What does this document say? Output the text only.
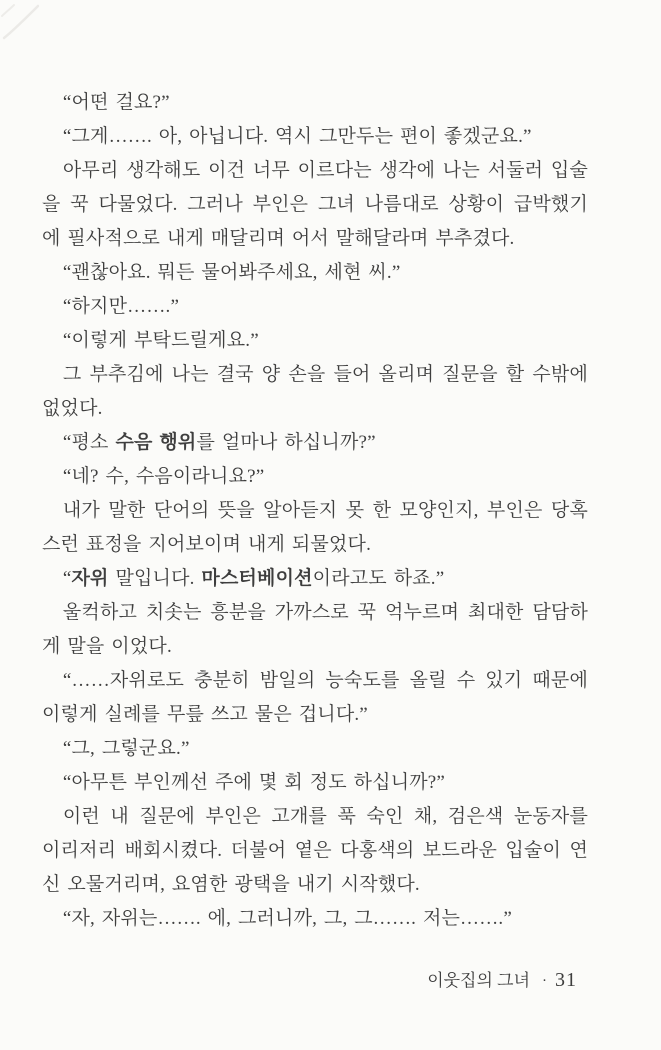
“어떤 걸요?”
“그게……. 아, 아닙니다. 역시 그만두는 편이 좋겠군요.”
아무리 생각해도 이건 너무 이르다는 생각에 나는 서둘러 입술
을 꾹 다물었다. 그러나 부인은 그녀 나름대로 상황이 급박했기
에 필사적으로 내게 매달리며 어서 말해달라며 부추겼다.
“괜찮아요. 뭐든 물어봐주세요, 세현 씨.”
“하지만…….”
“이렇게 부탁드릴게요.”
그 부추김에 나는 결국 양 손을 들어 올리며 질문을 할 수밖에
없었다.
“평소 수음 행위를 얼마나 하십니까?”
“네? 수, 수음이라니요?”
내가 말한 단어의 뜻을 알아듣지 못 한 모양인지, 부인은 당혹
스런 표정을 지어보이며 내게 되물었다.
“자위 말입니다. 마스터베이션이라고도 하죠.”
울컥하고 치솟는 흥분을 가까스로 꾹 억누르며 최대한 담담하
게 말을 이었다.
“……자위로도 충분히 밤일의 능숙도를 올릴 수 있기 때문에
이렇게 실례를 무릎 쓰고 물은 겁니다.”
“그, 그렇군요.”
“아무튼 부인께선 주에 몇 회 정도 하십니까?”
이런 내 질문에 부인은 고개를 푹 숙인 채, 검은색 눈동자를
이리저리 배회시켰다. 더불어 옅은 다홍색의 보드라운 입술이 연
신 오물거리며, 요염한 광택을 내기 시작했다.
“자, 자위는……. 에, 그러니까, 그, 그……. 저는…….”
이웃집의 그녀 · 31
